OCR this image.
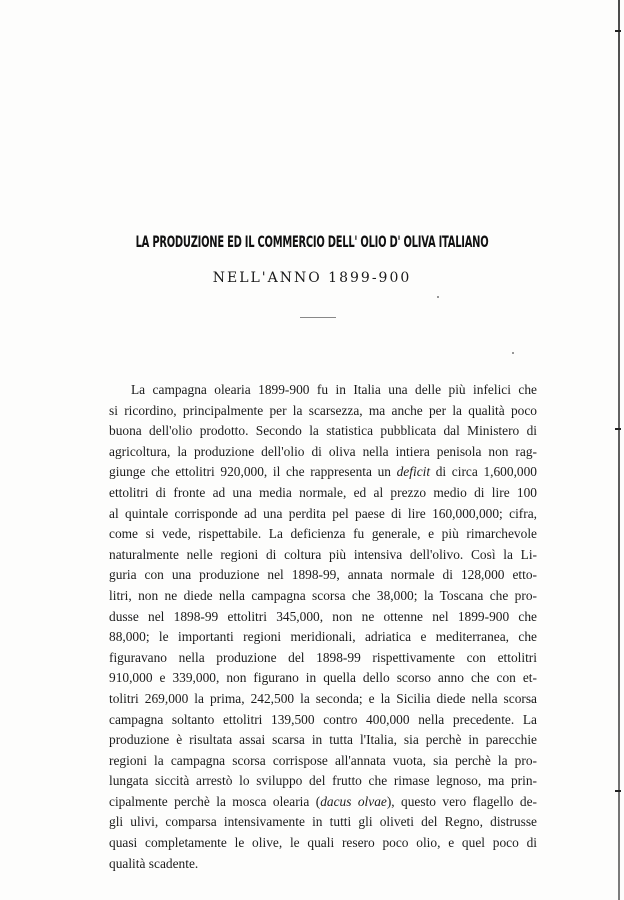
LA PRODUZIONE ED IL COMMERCIO DELL' OLIO D' OLIVA ITALIANO
NELL'ANNO 1899-900
La campagna olearia 1899-900 fu in Italia una delle più infelici che
si ricordino, principalmente per la scarsezza, ma anche per la qualità poco
buona dell'olio prodotto. Secondo la statistica pubblicata dal Ministero di
agricoltura, la produzione dell'olio di oliva nella intiera penisola non rag-
giunge che ettolitri 920,000, il che rappresenta un deficit di circa 1,600,000
ettolitri di fronte ad una media normale, ed al prezzo medio di lire 100
al quintale corrisponde ad una perdita pel paese di lire 160,000,000; cifra,
come si vede, rispettabile. La deficienza fu generale, e più rimarchevole
naturalmente nelle regioni di coltura più intensiva dell'olivo. Così la Li-
guria con una produzione nel 1898-99, annata normale di 128,000 etto-
litri, non ne diede nella campagna scorsa che 38,000; la Toscana che pro-
dusse nel 1898-99 ettolitri 345,000, non ne ottenne nel 1899-900 che
88,000; le importanti regioni meridionali, adriatica e mediterranea, che
figuravano nella produzione del 1898-99 rispettivamente con ettolitri
910,000 e 339,000, non figurano in quella dello scorso anno che con et-
tolitri 269,000 la prima, 242,500 la seconda; e la Sicilia diede nella scorsa
campagna soltanto ettolitri 139,500 contro 400,000 nella precedente. La
produzione è risultata assai scarsa in tutta l'Italia, sia perchè in parecchie
regioni la campagna scorsa corrispose all'annata vuota, sia perchè la pro-
lungata siccità arrestò lo sviluppo del frutto che rimase legnoso, ma prin-
cipalmente perchè la mosca olearia (dacus olvae), questo vero flagello de-
gli ulivi, comparsa intensivamente in tutti gli oliveti del Regno, distrusse
quasi completamente le olive, le quali resero poco olio, e quel poco di
qualità scadente.
